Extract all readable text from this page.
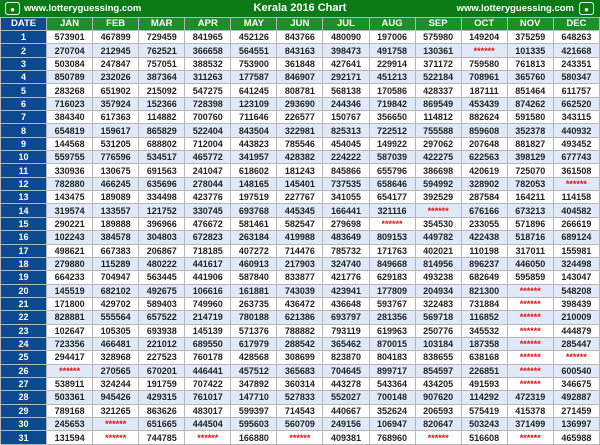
● www.lotteryguessing.com	Kerala 2016 Chart	www.lotteryguessing.com	●
DATE	JAN	FEB	MAR	APR	MAY	JUN	JUL	AUG	SEP	OCT	NOV	DEC
1	573901	467899	729459	841965	452126	843766	480090	197006	575980	149204	375259	648263
2	270704	212945	762521	366658	564551	843163	398473	491758	130361	******	101335	421668
3	503084	247847	757051	388532	753900	361848	427641	229914	371172	759580	761813	243351
4	850789	232026	387364	311263	177587	846907	292171	451213	522184	708961	365760	580347
5	283268	651902	215092	547275	641245	808781	568138	170586	428337	187111	851464	611757
6	716023	357924	152366	728398	123109	293690	244346	719842	869549	453439	874262	662520
7	384340	617363	114882	700760	711646	226577	150767	356650	114812	882624	591580	343115
8	654819	159617	865829	522404	843504	322981	825313	722512	755588	859608	352378	440932
9	144568	531205	688802	712004	443823	785546	454045	149922	297062	207648	881827	493452
10	559755	776596	534517	465772	341957	428382	224222	587039	422275	622563	398129	677743
11	330936	130675	691563	241047	618602	181243	845866	655796	386698	420619	725070	361508
12	782880	466245	635696	278044	148165	145401	737535	658646	594992	328902	782053	******
13	143475	189089	334498	423776	197519	227767	341055	654177	392529	287584	164211	114158
14	319574	133557	121752	330745	693768	445345	166441	321116	******	676166	673213	404582
15	290221	189888	396966	476672	581461	582547	279698	******	354530	233055	571896	266619
16	102243	384578	304803	672823	263184	419988	483649	809153	449782	422438	518716	689124
17	498621	667383	206867	718185	407272	714476	785732	171763	402021	110198	317011	155981
18	279880	115289	480222	441617	460913	217903	324740	849668	814956	896237	446050	324498
19	664233	704947	563445	441906	587840	833877	421776	629183	493238	682649	595859	143047
20	145519	682102	492675	106616	161881	743039	423941	177809	204934	821300	******	548208
21	171800	429702	589403	749960	263735	436472	436648	593767	322483	731884	******	398439
22	828881	555564	657522	214719	780188	621386	693797	281356	569718	116852	******	210009
23	102647	105305	693938	145139	571376	788882	793119	619963	250776	345532	******	444879
24	723356	466481	221012	689550	617979	288542	365462	870015	103184	187358	******	285447
25	294417	328968	227523	760178	428568	308699	823870	804183	838655	638168	******	******
26	******	270565	670201	446441	457512	365683	704645	899717	854597	226851	******	600540
27	538911	324244	191759	707422	347892	360314	443278	543364	434205	491593	******	346675
28	503361	945426	429315	761017	147710	527833	552027	700148	907620	114292	472319	492887
29	789168	321265	863626	483017	599397	714543	440667	352624	206593	575419	415378	271459
30	245653	******	651665	444504	595603	560709	249156	106947	820647	503243	371499	136997
31	131594	******	744785	******	166880	******	409381	768960	******	516608	******	465988
